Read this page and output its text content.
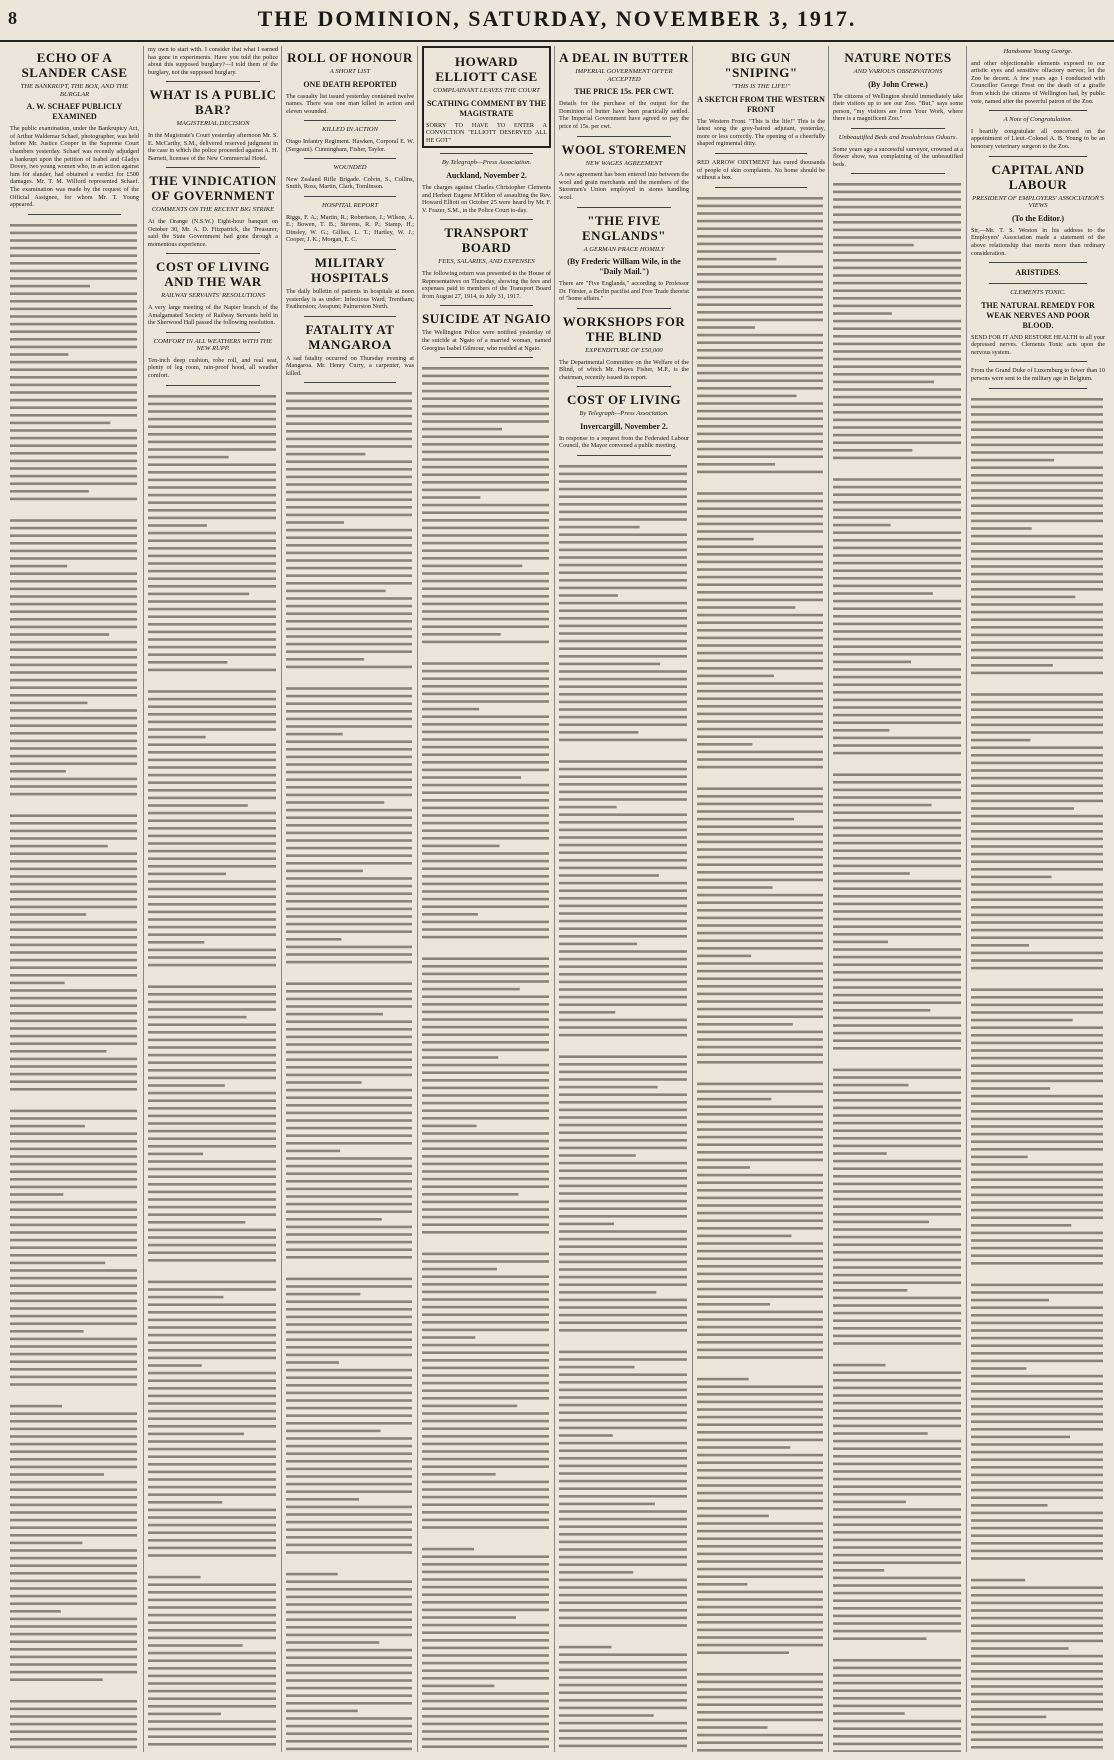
8	THE DOMINION, SATURDAY, NOVEMBER 3, 1917.
ECHO OF A SLANDER CASE
THE BANKRUPT, THE BOX, AND THE BURGLAR
A. W. SCHAEF PUBLICLY EXAMINED
The public examination, under the Bankruptcy Act, of Arthur Waldemar Schaef, photographer, was held before Mr. Justice Cooper in the Supreme Court chambers yesterday. Schaef was recently adjudged a bankrupt upon the petition of Isabel and Gladys Dovey, two young women who, in an action against him for slander, had obtained a verdict for £500 damages. Mr. T. M. Wilford represented Schaef. The examination was made by the request of the Official Assignee, for whom Mr. T. Young appeared.
my own to start with. I consider that what I earned has gone in experiments. Have you told the police about this supposed burglary?—I told them of the burglary, not the supposed burglary.
WHAT IS A PUBLIC BAR?
MAGISTERIAL DECISION
In the Magistrate's Court yesterday afternoon Mr. S. E. McCarthy, S.M., delivered reserved judgment in the case in which the police proceeded against A. H. Barnett, licensee of the New Commercial Hotel.
THE VINDICATION OF GOVERNMENT
COMMENTS ON THE RECENT BIG STRIKE
At the Orange (N.S.W.) Eight-hour banquet on October 30, Mr. A. D. Fitzpatrick, the Treasurer, said the State Government had gone through a momentous experience.
COST OF LIVING AND THE WAR
RAILWAY SERVANTS' RESOLUTIONS
A very large meeting of the Napier branch of the Amalgamated Society of Railway Servants held in the Sherwood Hall passed the following resolution.
COMFORT IN ALL WEATHERS WITH THE NEW RUPP.
Ten-inch deep cushion, robe roll, and real seat, plenty of leg room, rain-proof hood, all weather comfort.
ROLL OF HONOUR
A SHORT LIST
ONE DEATH REPORTED
The casualty list issued yesterday contained twelve names. There was one man killed in action and eleven wounded.
KILLED IN ACTION
Otago Infantry Regiment. Hawken, Corporal E. W. (Sergeant). Cunningham, Fisher, Taylor.
WOUNDED
New Zealand Rifle Brigade. Colvin, S., Collins, Smith, Ross, Martin, Clark, Tomlinson.
HOSPITAL REPORT
Riggs, F. A.; Martin, R.; Robertson, J.; Wilson, A. E.; Bowen, T. B.; Stevens, R. P.; Stamp, H.; Dinsley, W. G.; Gillies, L. T.; Hartley, W. J.; Cooper, J. K.; Morgan, E. C.
MILITARY HOSPITALS
The daily bulletin of patients in hospitals at noon yesterday is as under: Infectious Ward, Trentham; Featherston; Awapuni; Palmerston North.
FATALITY AT MANGAROA
A sad fatality occurred on Thursday evening at Mangaroa. Mr. Henry Curry, a carpenter, was killed.
HOWARD ELLIOTT CASE
COMPLAINANT LEAVES THE COURT
SCATHING COMMENT BY THE MAGISTRATE
SORRY TO HAVE TO ENTER A CONVICTION "ELLIOTT DESERVED ALL HE GOT"
By Telegraph—Press Association.
Auckland, November 2.
The charges against Charles Christopher Clements and Herbert Eugene M'Eldon of assaulting the Rev. Howard Elliott on October 25 were heard by Mr. F. V. Frazer, S.M., in the Police Court to-day.
TRANSPORT BOARD
FEES, SALARIES, AND EXPENSES
The following return was presented to the House of Representatives on Thursday, showing the fees and expenses paid to members of the Transport Board from August 27, 1914, to July 31, 1917.
SUICIDE AT NGAIO
The Wellington Police were notified yesterday of the suicide at Ngaio of a married woman, named Georgina Isabel Gilmour, who resided at Ngaio.
A DEAL IN BUTTER
IMPERIAL GOVERNMENT OFFER ACCEPTED
THE PRICE 15s. PER CWT.
Details for the purchase of the output for the Dominion of butter have been practically settled. The Imperial Government have agreed to pay the price of 15s. per cwt.
WOOL STOREMEN
NEW WAGES AGREEMENT
A new agreement has been entered into between the wool and grain merchants and the members of the Storemen's Union employed in stores handling wool.
"THE FIVE ENGLANDS"
A GERMAN PRACE HOMILY
(By Frederic William Wile, in the "Daily Mail.")
There are "Five Englands," according to Professor Dr. Förster, a Berlin pacifist and Free Trade theorist of "home affairs."
WORKSHOPS FOR THE BLIND
EXPENDITURE OF £50,000
The Departmental Committee on the Welfare of the Blind, of which Mr. Hayes Fisher, M.P., is the chairman, recently issued its report.
COST OF LIVING
By Telegraph—Press Association.
Invercargill, November 2.
In response to a request from the Federated Labour Council, the Mayor convened a public meeting.
BIG GUN "SNIPING"
"THIS IS THE LIFE!"
A SKETCH FROM THE WESTERN FRONT
The Western Front. "This is the life!" This is the latest song the grey-haired adjutant, yesterday, more or less correctly. The opening of a cheerfully shaped regimental ditty.
RED ARROW OINTMENT has cured thousands of people of skin complaints. No home should be without a box.
NATURE NOTES
AND VARIOUS OBSERVATIONS
(By John Crewe.)
The citizens of Wellington should immediately take their visitors up to see our Zoo. "But," says some person, "my visitors are from Your Work, where there is a magnificent Zoo."
Unbeautified Beds and Insalubrious Odours.
Some years ago a successful surveyor, crowned at a flower show, was complaining of the unbeautified beds.
Handsome Young George.
and other objectionable elements exposed to our artistic eyes and sensitive olfactory nerves; let the Zoo be decent. A few years ago I conducted with Councillor George Frost on the death of a giraffe from which the citizens of Wellington had, by public vote, named after the powerful patron of the Zoo.
A Note of Congratulation.
I heartily congratulate all concerned on the appointment of Lieut.-Colonel A. B. Young to be an honorary veterinary surgeon to the Zoo.
CAPITAL AND LABOUR
PRESIDENT OF EMPLOYERS' ASSOCIATION'S VIEWS
(To the Editor.)
Sir,—Mr. T. S. Weston in his address to the Employers' Association made a statement of the above relationship that merits more than ordinary consideration.
ARISTIDES.
CLEMENTS TONIC.
THE NATURAL REMEDY FOR WEAK NERVES AND POOR BLOOD.
SEND FOR IT AND RESTORE HEALTH to all your depressed nerves. Clements Tonic acts upon the nervous system.
From the Grand Duke of Luxemburg to fewer than 10 persons were sent to the military age in Belgium.
